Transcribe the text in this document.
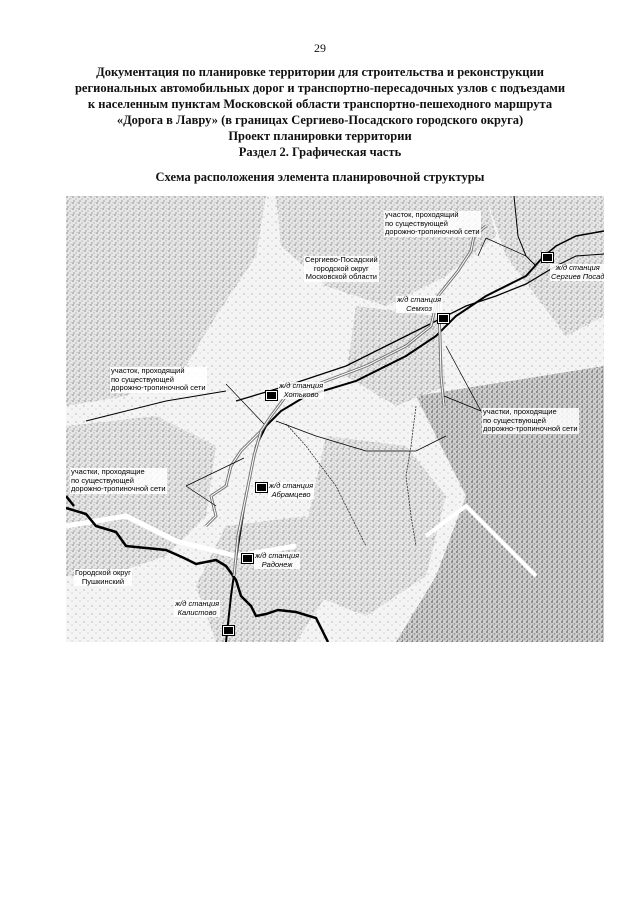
29
Документация по планировке территории для строительства и реконструкции
региональных автомобильных дорог и транспортно-пересадочных узлов с подъездами
к населенным пунктам Московской области транспортно-пешеходного маршрута
«Дорога в Лавру» (в границах Сергиево-Посадского городского округа)
Проект планировки территории
Раздел 2. Графическая часть
Схема расположения элемента планировочной структуры
Сергиево-Посадский
городской округ
Московской области
Городской округ
Пушкинский
ж/д станция
Сергиев Посад
ж/д станция
Семхоз
ж/д станция
Хотьково
ж/д станция
Абрамцево
ж/д станция
Радонеж
ж/д станция
Калистово
участок, проходящий
по существующей
дорожно-тропиночной сети
участок, проходящий
по существующей
дорожно-тропиночной сети
участки, проходящие
по существующей
дорожно-тропиночной сети
участки, проходящие
по существующей
дорожно-тропиночной сети
